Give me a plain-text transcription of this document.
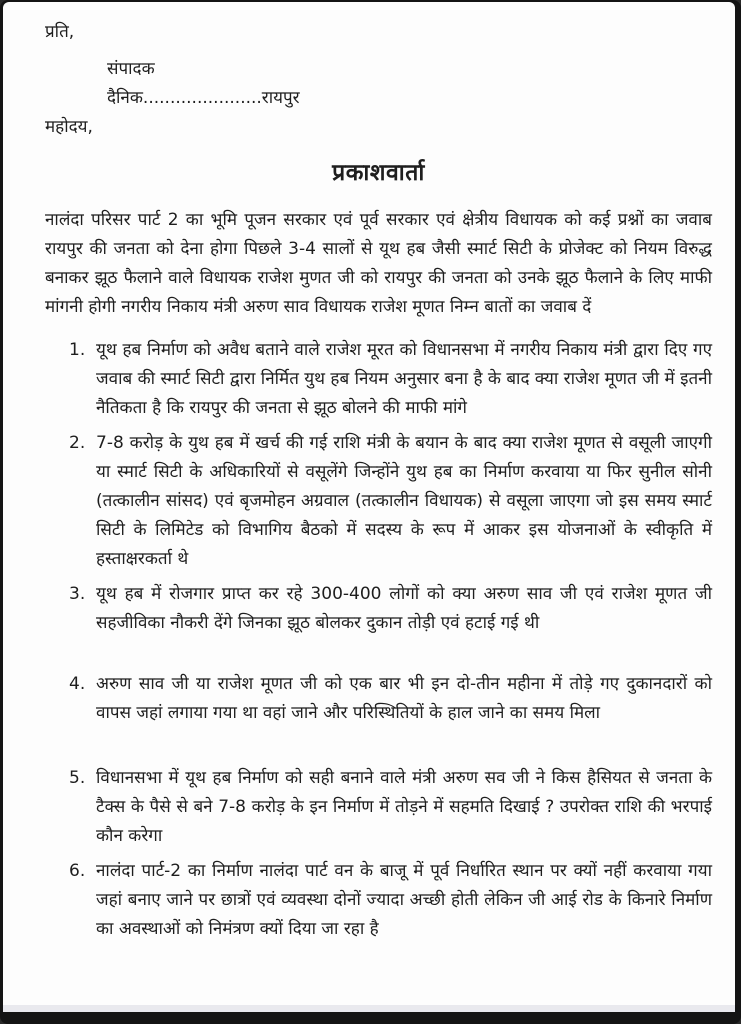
प्रति,

संपादक

दैनिक......................रायपुर

महोदय,

प्रकाशवार्ता

नालंदा परिसर पार्ट 2 का भूमि पूजन सरकार एवं पूर्व सरकार एवं क्षेत्रीय विधायक को कई प्रश्नों का जवाब रायपुर की जनता को देना होगा पिछले 3-4 सालों से यूथ हब जैसी स्मार्ट सिटी के प्रोजेक्ट को नियम विरुद्ध बनाकर झूठ फैलाने वाले विधायक राजेश मुणत जी को रायपुर की जनता को उनके झूठ फैलाने के लिए माफी मांगनी होगी नगरीय निकाय मंत्री अरुण साव विधायक राजेश मूणत निम्न बातों का जवाब दें

1. यूथ हब निर्माण को अवैध बताने वाले राजेश मूरत को विधानसभा में नगरीय निकाय मंत्री द्वारा दिए गए जवाब की स्मार्ट सिटी द्वारा निर्मित युथ हब नियम अनुसार बना है के बाद क्या राजेश मूणत जी में इतनी नैतिकता है कि रायपुर की जनता से झूठ बोलने की माफी मांगे
2. 7-8 करोड़ के युथ हब में खर्च की गई राशि मंत्री के बयान के बाद क्या राजेश मूणत से वसूली जाएगी या स्मार्ट सिटी के अधिकारियों से वसूलेंगे जिन्होंने युथ हब का निर्माण करवाया या फिर सुनील सोनी (तत्कालीन सांसद) एवं बृजमोहन अग्रवाल (तत्कालीन विधायक) से वसूला जाएगा जो इस समय स्मार्ट सिटी के लिमिटेड को विभागिय बैठको में सदस्य के रूप में आकर इस योजनाओं के स्वीकृति में हस्ताक्षरकर्ता थे
3. यूथ हब में रोजगार प्राप्त कर रहे 300-400 लोगों को क्या अरुण साव जी एवं राजेश मूणत जी सहजीविका नौकरी देंगे जिनका झूठ बोलकर दुकान तोड़ी एवं हटाई गई थी
4. अरुण साव जी या राजेश मूणत जी को एक बार भी इन दो-तीन महीना में तोड़े गए दुकानदारों को वापस जहां लगाया गया था वहां जाने और परिस्थितियों के हाल जाने का समय मिला
5. विधानसभा में यूथ हब निर्माण को सही बनाने वाले मंत्री अरुण सव जी ने किस हैसियत से जनता के टैक्स के पैसे से बने 7-8 करोड़ के इन निर्माण में तोड़ने में सहमति दिखाई ? उपरोक्त राशि की भरपाई कौन करेगा
6. नालंदा पार्ट-2 का निर्माण नालंदा पार्ट वन के बाजू में पूर्व निर्धारित स्थान पर क्यों नहीं करवाया गया जहां बनाए जाने पर छात्रों एवं व्यवस्था दोनों ज्यादा अच्छी होती लेकिन जी आई रोड के किनारे निर्माण का अवस्थाओं को निमंत्रण क्यों दिया जा रहा है
